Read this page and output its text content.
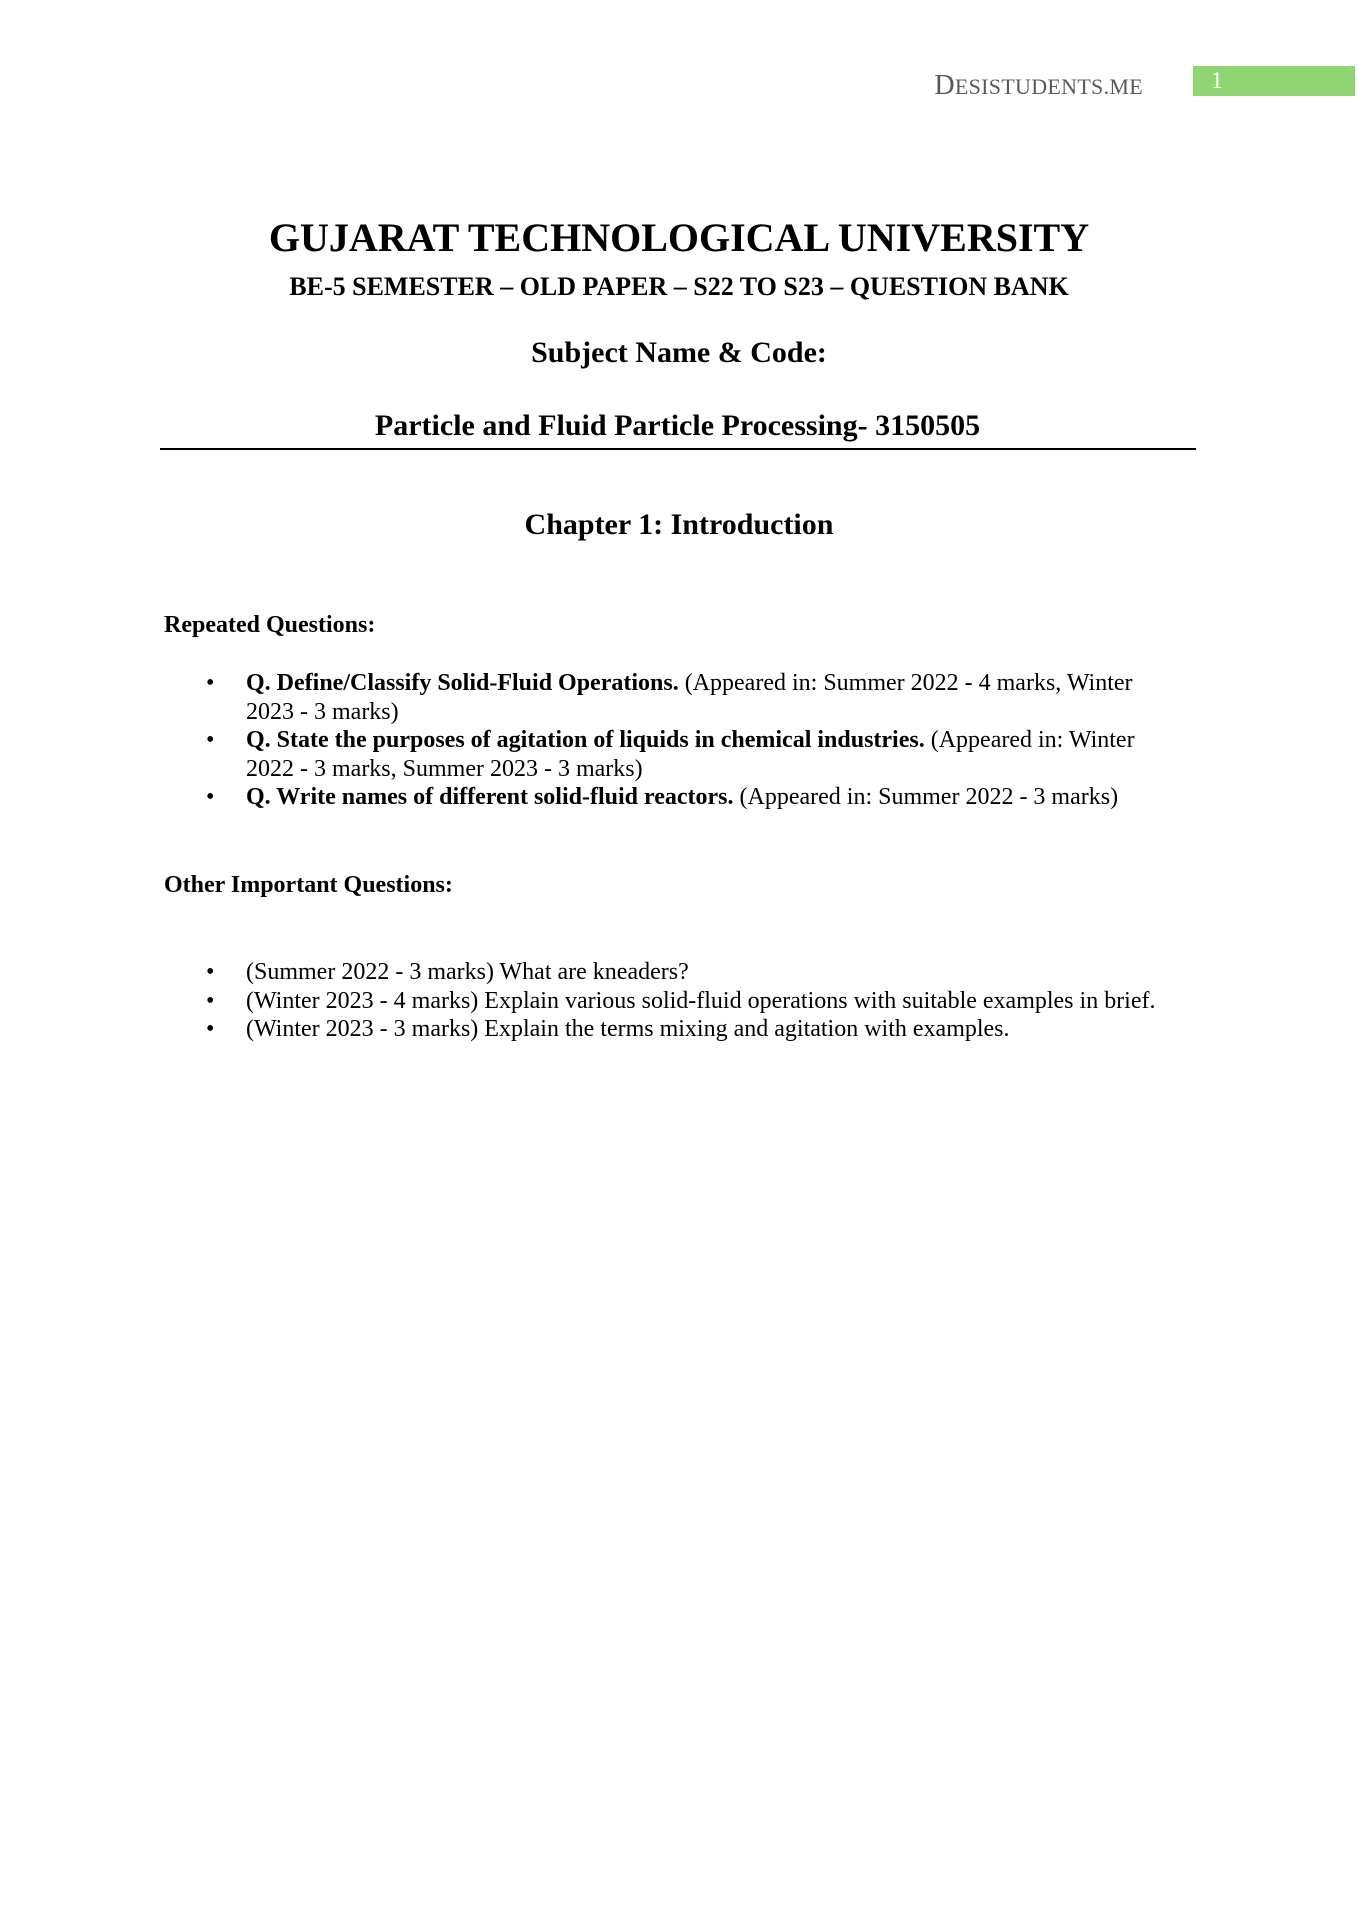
DESISTUDENTS.ME	1
GUJARAT TECHNOLOGICAL UNIVERSITY
BE-5 SEMESTER – OLD PAPER – S22 TO S23 – QUESTION BANK
Subject Name & Code:
Particle and Fluid Particle Processing- 3150505
Chapter 1: Introduction
Repeated Questions:
• Q. Define/Classify Solid-Fluid Operations. (Appeared in: Summer 2022 - 4 marks, Winter 2023 - 3 marks)
• Q. State the purposes of agitation of liquids in chemical industries. (Appeared in: Winter 2022 - 3 marks, Summer 2023 - 3 marks)
• Q. Write names of different solid-fluid reactors. (Appeared in: Summer 2022 - 3 marks)
Other Important Questions:
• (Summer 2022 - 3 marks) What are kneaders?
• (Winter 2023 - 4 marks) Explain various solid-fluid operations with suitable examples in brief.
• (Winter 2023 - 3 marks) Explain the terms mixing and agitation with examples.
